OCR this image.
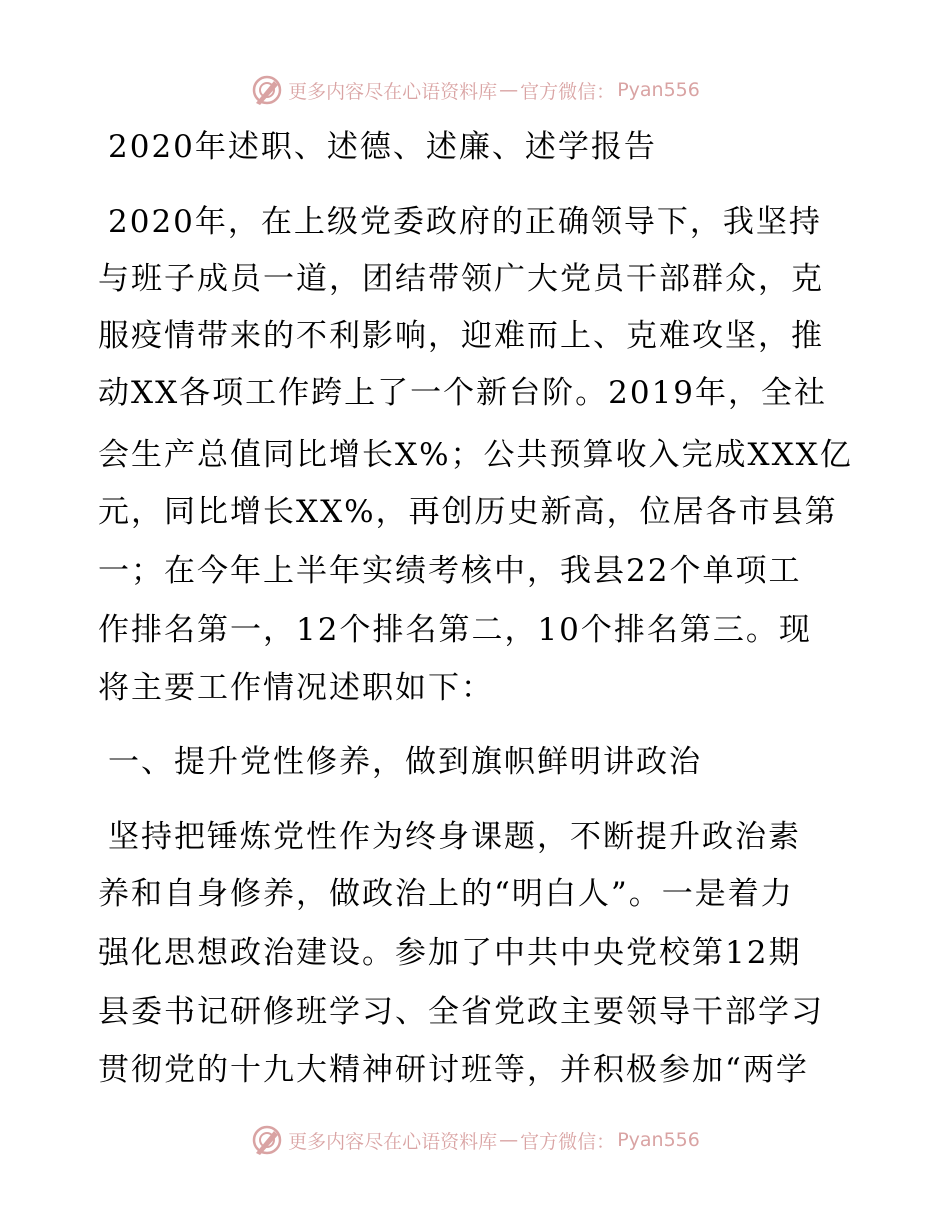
更多内容尽在心语资料库 — 官方微信： Pyan556
2020年述职、述德、述廉、述学报告
2020年，在上级党委政府的正确领导下，我坚持
与班子成员一道，团结带领广大党员干部群众，克
服疫情带来的不利影响，迎难而上、克难攻坚，推
动XX各项工作跨上了一个新台阶。2019年，全社
会生产总值同比增长X%；公共预算收入完成XXX亿
元，同比增长XX%，再创历史新高，位居各市县第
一；在今年上半年实绩考核中，我县22个单项工
作排名第一，12个排名第二，10个排名第三。现
将主要工作情况述职如下：
一、提升党性修养，做到旗帜鲜明讲政治
坚持把锤炼党性作为终身课题，不断提升政治素
养和自身修养，做政治上的“明白人”。一是着力
强化思想政治建设。参加了中共中央党校第12期
县委书记研修班学习、全省党政主要领导干部学习
贯彻党的十九大精神研讨班等，并积极参加“两学
更多内容尽在心语资料库 — 官方微信： Pyan556
